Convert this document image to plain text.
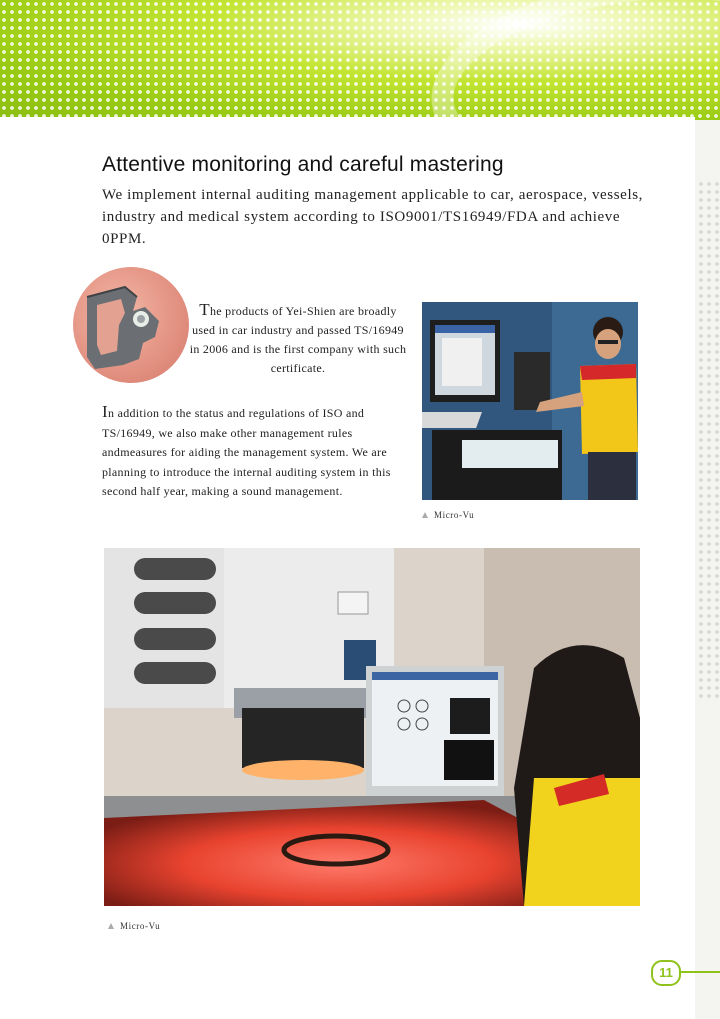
Attentive monitoring and careful mastering

We implement internal auditing management applicable to car, aerospace, vessels, industry and medical system according to ISO9001/TS16949/FDA and achieve 0PPM.

The products of Yei-Shien are broadly used in car industry and passed TS/16949 in 2006 and is the first company with such certificate.
In addition to the status and regulations of ISO and TS/16949, we also make other management rules andmeasures for aiding the management system. We are planning to introduce the internal auditing system in this second half year, making a sound management.
Micro-Vu
Micro-Vu
11
